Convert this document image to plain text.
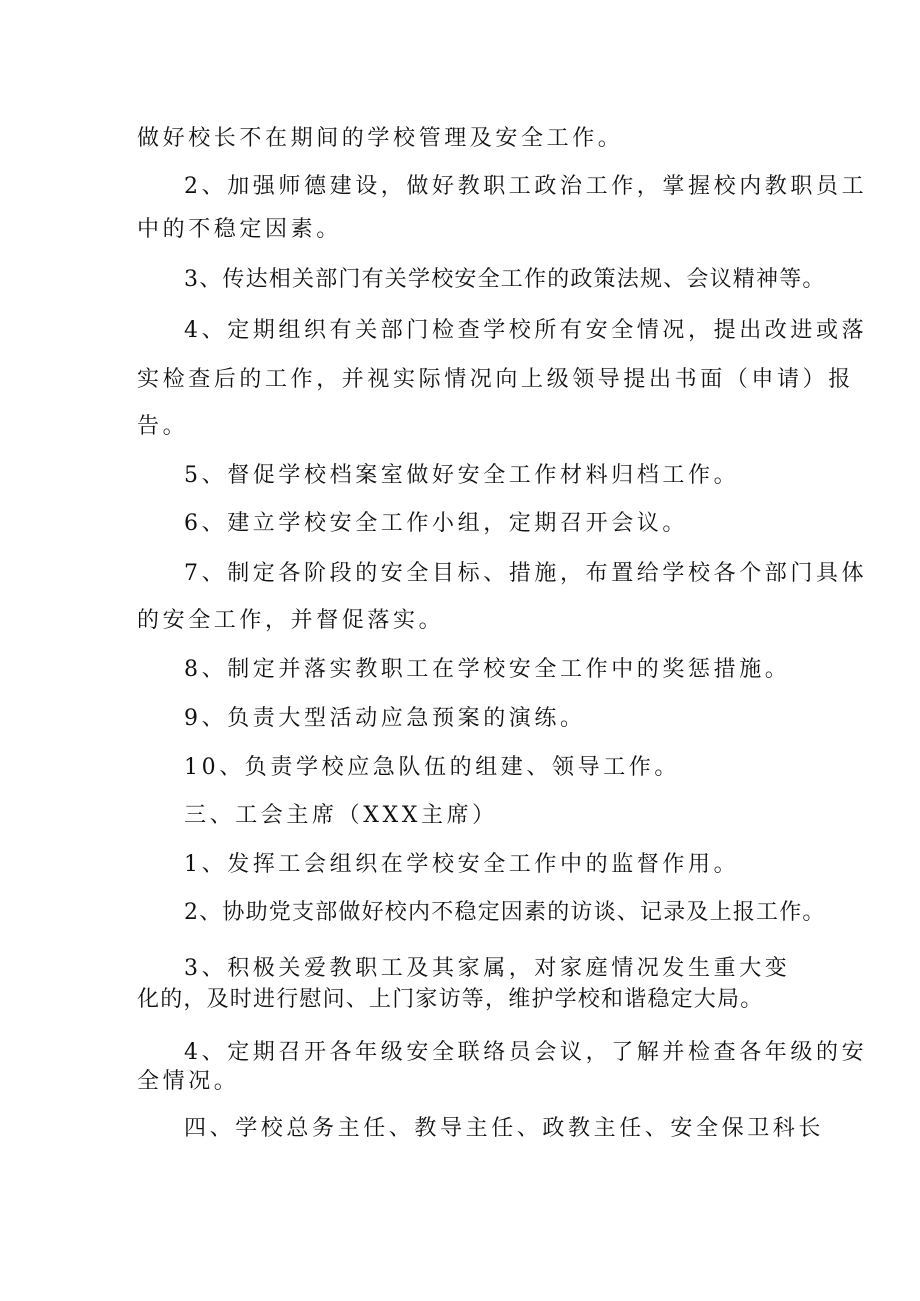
做好校长不在期间的学校管理及安全工作。
2、加强师德建设，做好教职工政治工作，掌握校内教职员工
中的不稳定因素。
3、传达相关部门有关学校安全工作的政策法规、会议精神等。
4、定期组织有关部门检查学校所有安全情况，提出改进或落
实检查后的工作，并视实际情况向上级领导提出书面（申请）报
告。
5、督促学校档案室做好安全工作材料归档工作。
6、建立学校安全工作小组，定期召开会议。
7、制定各阶段的安全目标、措施，布置给学校各个部门具体
的安全工作，并督促落实。
8、制定并落实教职工在学校安全工作中的奖惩措施。
9、负责大型活动应急预案的演练。
10、负责学校应急队伍的组建、领导工作。
三、工会主席（XXX主席）
1、发挥工会组织在学校安全工作中的监督作用。
2、协助党支部做好校内不稳定因素的访谈、记录及上报工作。
3、积极关爱教职工及其家属，对家庭情况发生重大变
化的，及时进行慰问、上门家访等，维护学校和谐稳定大局。
4、定期召开各年级安全联络员会议，了解并检查各年级的安
全情况。
四、学校总务主任、教导主任、政教主任、安全保卫科长
